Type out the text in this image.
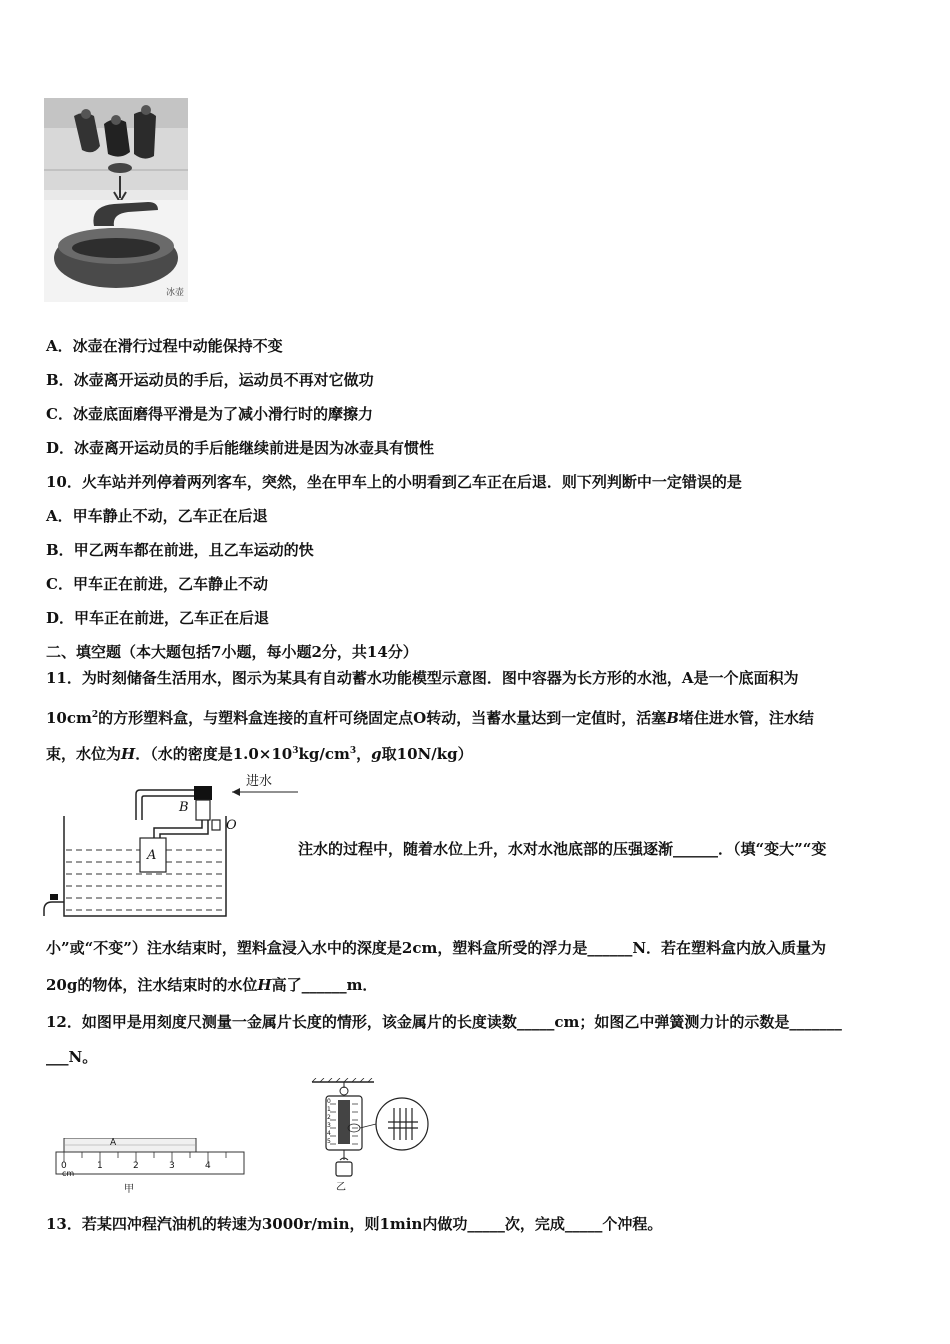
冰壶
A．冰壶在滑行过程中动能保持不变
B．冰壶离开运动员的手后，运动员不再对它做功
C．冰壶底面磨得平滑是为了减小滑行时的摩擦力
D．冰壶离开运动员的手后能继续前进是因为冰壶具有惯性
10．火车站并列停着两列客车，突然，坐在甲车上的小明看到乙车正在后退．则下列判断中一定错误的是
A．甲车静止不动，乙车正在后退
B．甲乙两车都在前进，且乙车运动的快
C．甲车正在前进，乙车静止不动
D．甲车正在前进，乙车正在后退
二、填空题（本大题包括7小题，每小题2分，共14分）
11．为时刻储备生活用水，图示为某具有自动蓄水功能模型示意图．图中容器为长方形的水池，A是一个底面积为
$10cm^2$的方形塑料盒，与塑料盒连接的直杆可绕固定点O转动，当蓄水量达到一定值时，活塞B堵住进水管，注水结
束，水位为H．（水的密度是$1.0\times 10^3kg/cm^3$，g取10N/kg）
进水
B
O
A	注水的过程中，随着水位上升，水对水池底部的压强逐渐______．（填“变大”“变
小”或“不变”）注水结束时，塑料盒浸入水中的深度是2cm，塑料盒所受的浮力是______N．若在塑料盒内放入质量为
20g的物体，注水结束时的水位H高了______m．
12．如图甲是用刻度尺测量一金属片长度的情形，该金属片的长度读数_____cm；如图乙中弹簧测力计的示数是_______
___N。
A
0	1	2	3	4
cm
甲
0
1
2
3
4
5
乙
13．若某四冲程汽油机的转速为3000r/min，则1min内做功_____次，完成_____个冲程。
